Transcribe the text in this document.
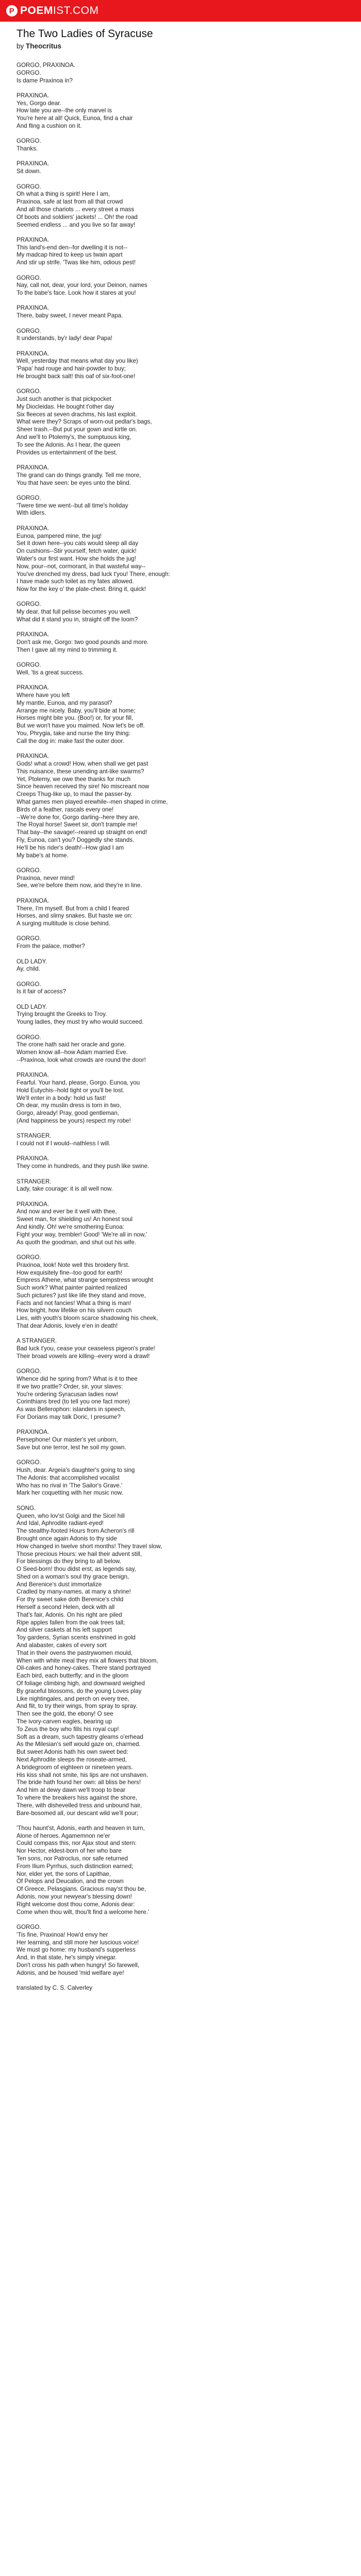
P POEM IST.COM
The Two Ladies of Syracuse

by Theocritus

GORGO, PRAXINOA.
GORGO.
Is dame Praxinoa in?

PRAXINOA.
Yes, Gorgo dear.
How late you are--the only marvel is
You're here at all! Quick, Eunoa, find a chair
And fling a cushion on it.

GORGO.
Thanks.

PRAXINOA.
Sit down.

GORGO.
Oh what a thing is spirit! Here I am,
Praxinoa, safe at last from all that crowd
And all those chariots ... every street a mass
Of boots and soldiers' jackets! ... Oh! the road
Seemed endless ... and you live so far away!

PRAXINOA.
This land's-end den--for dwelling it is not--
My madcap hired to keep us twain apart
And stir up strife. 'Twas like him, odious pest!

GORGO.
Nay, call not, dear, your lord, your Deinon, names
To the babe's face. Look how it stares at you!

PRAXINOA.
There, baby sweet, I never meant Papa.

GORGO.
It understands, by'r lady! dear Papa!

PRAXINOA.
Well, yesterday that means what day you like)
'Papa' had rouge and hair-powder to buy;
He brought back salt! this oaf of six-foot-one!

GORGO.
Just such another is that pickpocket
My Diocleidas. He bought t'other day
Six fleeces at seven drachms, his last exploit.
What were they? Scraps of worn-out pedlar's bags,
Sheer trash.--But put your gown and kirtle on.
And we'll to Ptolemy's, the sumptuous king,
To see the Adonis. As I hear, the queen
Provides us entertainment of the best.

PRAXINOA.
The grand can do things grandly. Tell me more,
You that have seen: be eyes unto the blind.

GORGO.
'Twere time we went--but all time's holiday
With idlers.

PRAXINOA.
Eunoa, pampered mine, the jug!
Set it down here--you cats would sleep all day
On cushions--Stir yourself, fetch water, quick!
Water's our first want. How she holds the jug!
Now, pour--not, cormorant, in that wasteful way--
You've drenched my dress, bad luck t'you! There, enough:
I have made such toilet as my fates allowed.
Now for the key o' the plate-chest. Bring it, quick!

GORGO.
My dear, that full pelisse becomes you well.
What did it stand you in, straight off the loom?

PRAXINOA.
Don't ask me, Gorgo: two good pounds and more.
Then I gave all my mind to trimming it.

GORGO.
Well, 'tis a great success.

PRAXINOA.
Where have you left
My mantle, Eunoa, and my parasol?
Arrange me nicely. Baby, you'll bide at home;
Horses might bite you. (Boo!) or, for your fill,
But we won't have you maimed. Now let's be off.
You, Phrygia, take and nurse the tiny thing:
Call the dog in: make fast the outer door.

PRAXINOA.
Gods! what a crowd! How, when shall we get past
This nuisance, these unending ant-like swarms?
Yet, Ptolemy, we owe thee thanks for much
Since heaven received thy sire! No miscreant now
Creeps Thug-like up, to maul the passer-by.
What games men played erewhile--men shaped in crime,
Birds of a feather, rascals every one!
--We're done for, Gorgo darling--here they are,
The Royal horse! Sweet sir, don't trample me!
That bay--the savage!--reared up straight on end!
Fly, Eunoa, can't you? Doggedly she stands.
He'll be his rider's death!--How glad I am
My babe's at home.

GORGO.
Praxinoa, never mind!
See, we're before them now, and they're in line.

PRAXINOA.
There, I'm myself. But from a child I feared
Horses, and slimy snakes. But haste we on:
A surging multitude is close behind.

GORGO.
From the palace, mother?

OLD LADY.
Ay, child.

GORGO.
Is it fair of access?

OLD LADY.
Trying brought the Greeks to Troy.
Young ladies, they must try who would succeed.

GORGO.
The crone hath said her oracle and gone.
Women know all--how Adam married Eve.
--Praxinoa, look what crowds are round the door!

PRAXINOA.
Fearful. Your hand, please, Gorgo. Eunoa, you
Hold Eutychis--hold tight or you'll be lost.
We'll enter in a body: hold us fast!
Oh dear, my muslin dress is torn in two,
Gorgo, already! Pray, good gentleman,
(And happiness be yours) respect my robe!

STRANGER.
I could not if I would--nathless I will.

PRAXINOA.
They come in hundreds, and they push like swine.

STRANGER.
Lady, take courage: it is all well now.

PRAXINOA.
And now and ever be it well with thee,
Sweet man, for shielding us! An honest soul
And kindly. Oh! we're smothering Eunoa:
Fight your way, trembler! Good! 'We're all in now,'
As quoth the goodman, and shut out his wife.

GORGO.
Praxinoa, look! Note well this broidery first.
How exquisitely fine--too good for earth!
Empress Athene, what strange sempstress wrought
Such work? What painter painted realized
Such pictures? just like life they stand and move,
Facts and not fancies! What a thing is man!
How bright, how lifelike on his silvern couch
Lies, with youth's bloom scarce shadowing his cheek,
That dear Adonis, lovely e'en in death!

A STRANGER.
Bad luck t'you, cease your ceaseless pigeon's prate!
Their broad vowels are killing--every word a drawl!

GORGO.
Whence did he spring from? What is it to thee
If we two prattle? Order, sir, your slaves:
You're ordering Syracusan ladies now!
Corinthians bred (to tell you one fact more)
As was Bellerophon: islanders in speech,
For Dorians may talk Doric, I presume?

PRAXINOA.
Persephone! Our master's yet unborn,
Save but one terror, lest he soil my gown.

GORGO.
Hush, dear. Argeia's daughter's going to sing
The Adonis: that accomplished vocalist
Who has no rival in 'The Sailor's Grave.'
Mark her coquetting with her music now.

SONG.
Queen, who lov'st Golgi and the Sicel hill
And Idal, Aphrodite radiant-eyed!
The stealthy-footed Hours from Acheron's rill
Brought once again Adonis to thy side
How changed in twelve short months! They travel slow,
Those precious Hours: we hail their advent still,
For blessings do they bring to all below.
O Seed-born! thou didst erst, as legends say,
Shed on a woman's soul thy grace benign,
And Berenice's dust immortalize
Cradled by many-names, at many a shrine!
For thy sweet sake doth Berenice's child
Herself a second Helen, deck with all
That's fair, Adonis. On his right are piled
Ripe apples fallen from the oak trees tall;
And silver caskets at his left support
Toy gardens, Syrian scents enshrined in gold
And alabaster, cakes of every sort
That in their ovens the pastrywomen mould,
When with white meal they mix all flowers that bloom,
Oil-cakes and honey-cakes. There stand portrayed
Each bird, each butterfly; and in the gloom
Of foliage climbing high, and downward weighed
By graceful blossoms, do the young Loves play
Like nightingales, and perch on every tree,
And flit, to try their wings, from spray to spray.
Then see the gold, the ebony! O see
The ivory-carven eagles, bearing up
To Zeus the boy who fills his royal cup!
Soft as a dream, such tapestry gleams o'erhead
As the Milesian's self would gaze on, charmed.
But sweet Adonis hath his own sweet bed:
Next Aphrodite sleeps the roseate-armed,
A bridegroom of eighteen or nineteen years.
His kiss shall not smite, his lips are not unshaven.
The bride hath found her own: all bliss be hers!
And him at dewy dawn we'll troop to bear
To where the breakers hiss against the shore,
There, with dishevelled tress and unbound hair,
Bare-bosomed all, our descant wild we'll pour;

'Thou haunt'st, Adonis, earth and heaven in turn,
Alone of heroes. Agamemnon ne'er
Could compass this, nor Ajax stout and stern:
Nor Hector, eldest-born of her who bare
Ten sons, nor Patroclus, nor safe returned
From Ilium Pyrrhus, such distinction earned;
Nor, elder yet, the sons of Lapithae,
Of Pelops and Deucalion, and the crown
Of Greece, Pelasgians. Gracious may'st thou be,
Adonis, now your newyear's blessing down!
Right welcome dost thou come, Adonis dear:
Come when thou wilt, thou'lt find a welcome here.'

GORGO.
'Tis fine, Praxinoa! How'd envy her
Her learning, and still more her luscious voice!
We must go home: my husband's supperless
And, in that state, he's simply vinegar.
Don't cross his path when hungry! So farewell,
Adonis, and be housed 'mid welfare aye!

translated by C. S. Calverley
